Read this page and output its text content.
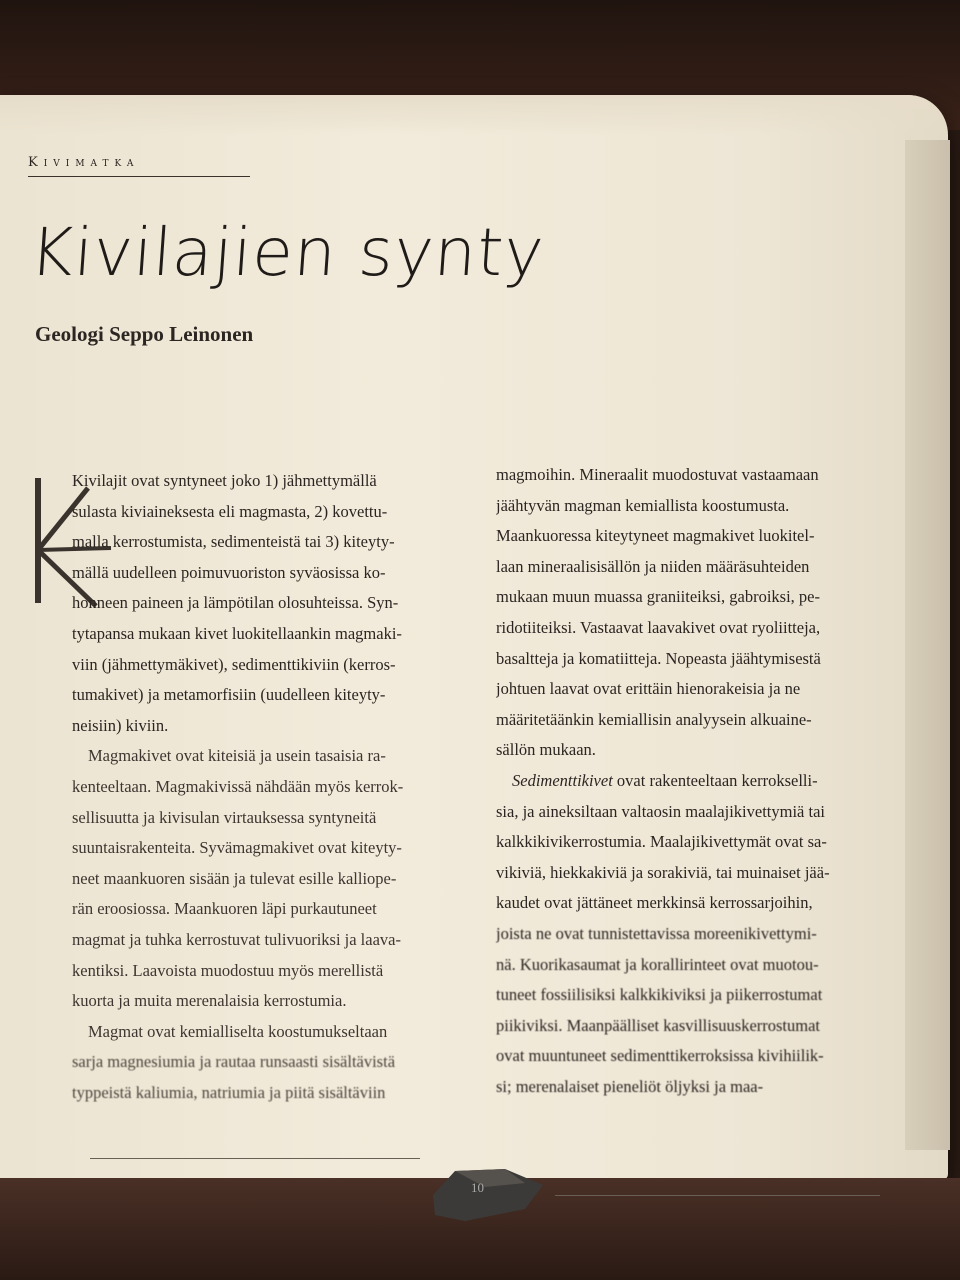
Kivimatka
Kivilajien synty
Geologi Seppo Leinonen
Kivilajit ovat syntyneet joko 1) jähmettymällä
sulasta kiviaineksesta eli magmasta, 2) kovettu-
malla kerrostumista, sedimenteistä tai 3) kiteyty-
mällä uudelleen poimuvuoriston syväosissa ko-
honneen paineen ja lämpötilan olosuhteissa. Syn-
tytapansa mukaan kivet luokitellaankin magmaki-
viin (jähmettymäkivet), sedimenttikiviin (kerros-
tumakivet) ja metamorfisiin (uudelleen kiteyty-
neisiin) kiviin.
Magmakivet ovat kiteisiä ja usein tasaisia ra-
kenteeltaan. Magmakivissä nähdään myös kerrok-
sellisuutta ja kivisulan virtauksessa syntyneitä
suuntaisrakenteita. Syvämagmakivet ovat kiteyty-
neet maankuoren sisään ja tulevat esille kalliope-
rän eroosiossa. Maankuoren läpi purkautuneet
magmat ja tuhka kerrostuvat tulivuoriksi ja laava-
kentiksi. Laavoista muodostuu myös merellistä
kuorta ja muita merenalaisia kerrostumia.
Magmat ovat kemialliselta koostumukseltaan
sarja magnesiumia ja rautaa runsaasti sisältävistä
typpeistä kaliumia, natriumia ja piitä sisältäviin
magmoihin. Mineraalit muodostuvat vastaamaan
jäähtyvän magman kemiallista koostumusta.
Maankuoressa kiteytyneet magmakivet luokitel-
laan mineraalisisällön ja niiden määräsuhteiden
mukaan muun muassa graniiteiksi, gabroiksi, pe-
ridotiiteiksi. Vastaavat laavakivet ovat ryoliitteja,
basaltteja ja komatiitteja. Nopeasta jäähtymisestä
johtuen laavat ovat erittäin hienorakeisia ja ne
määritetäänkin kemiallisin analyysein alkuaine-
sällön mukaan.
Sedimenttikivet ovat rakenteeltaan kerrokselli-
sia, ja aineksiltaan valtaosin maalajikivettymiä tai
kalkkikivikerrostumia. Maalajikivettymät ovat sa-
vikiviä, hiekkakiviä ja sorakiviä, tai muinaiset jää-
kaudet ovat jättäneet merkkinsä kerrossarjoihin,
joista ne ovat tunnistettavissa moreenikivettymi-
nä. Kuorikasaumat ja korallirinteet ovat muotou-
tuneet fossiilisiksi kalkkikiviksi ja piikerrostumat
piikiviksi. Maanpäälliset kasvillisuuskerrostumat
ovat muuntuneet sedimenttikerroksissa kivihiilik-
si; merenalaiset pieneliöt öljyksi ja maa-
10
